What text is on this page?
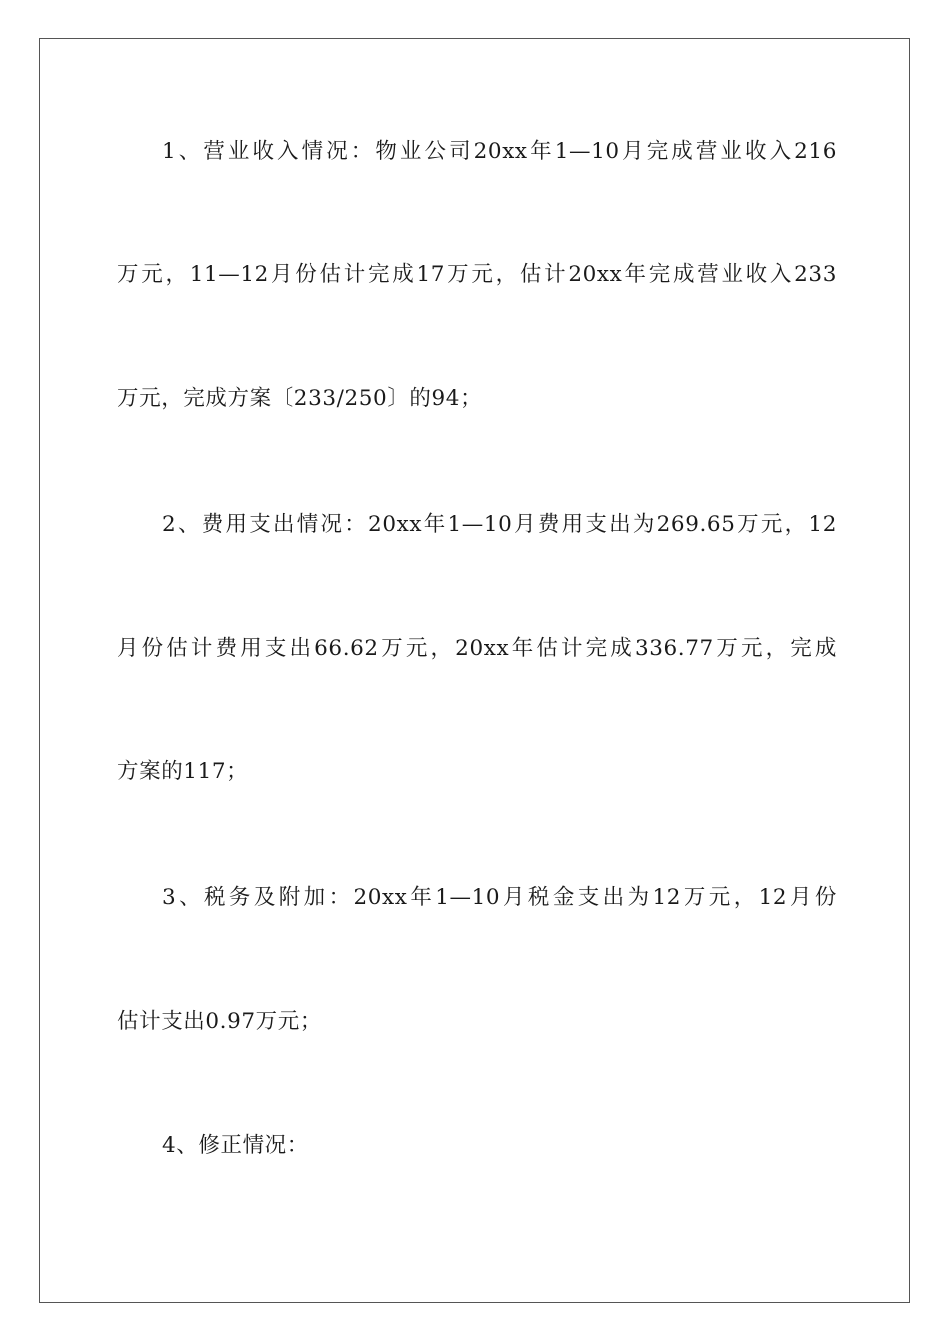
1、营业收入情况：物业公司20xx年1—10月完成营业收入216
万元，11—12月份估计完成17万元，估计20xx年完成营业收入233
万元，完成方案〔233/250〕的94；
2、费用支出情况：20xx年1—10月费用支出为269.65万元，12
月份估计费用支出66.62万元，20xx年估计完成336.77万元，完成
方案的117；
3、税务及附加：20xx年1—10月税金支出为12万元，12月份
估计支出0.97万元；
4、修正情况：
